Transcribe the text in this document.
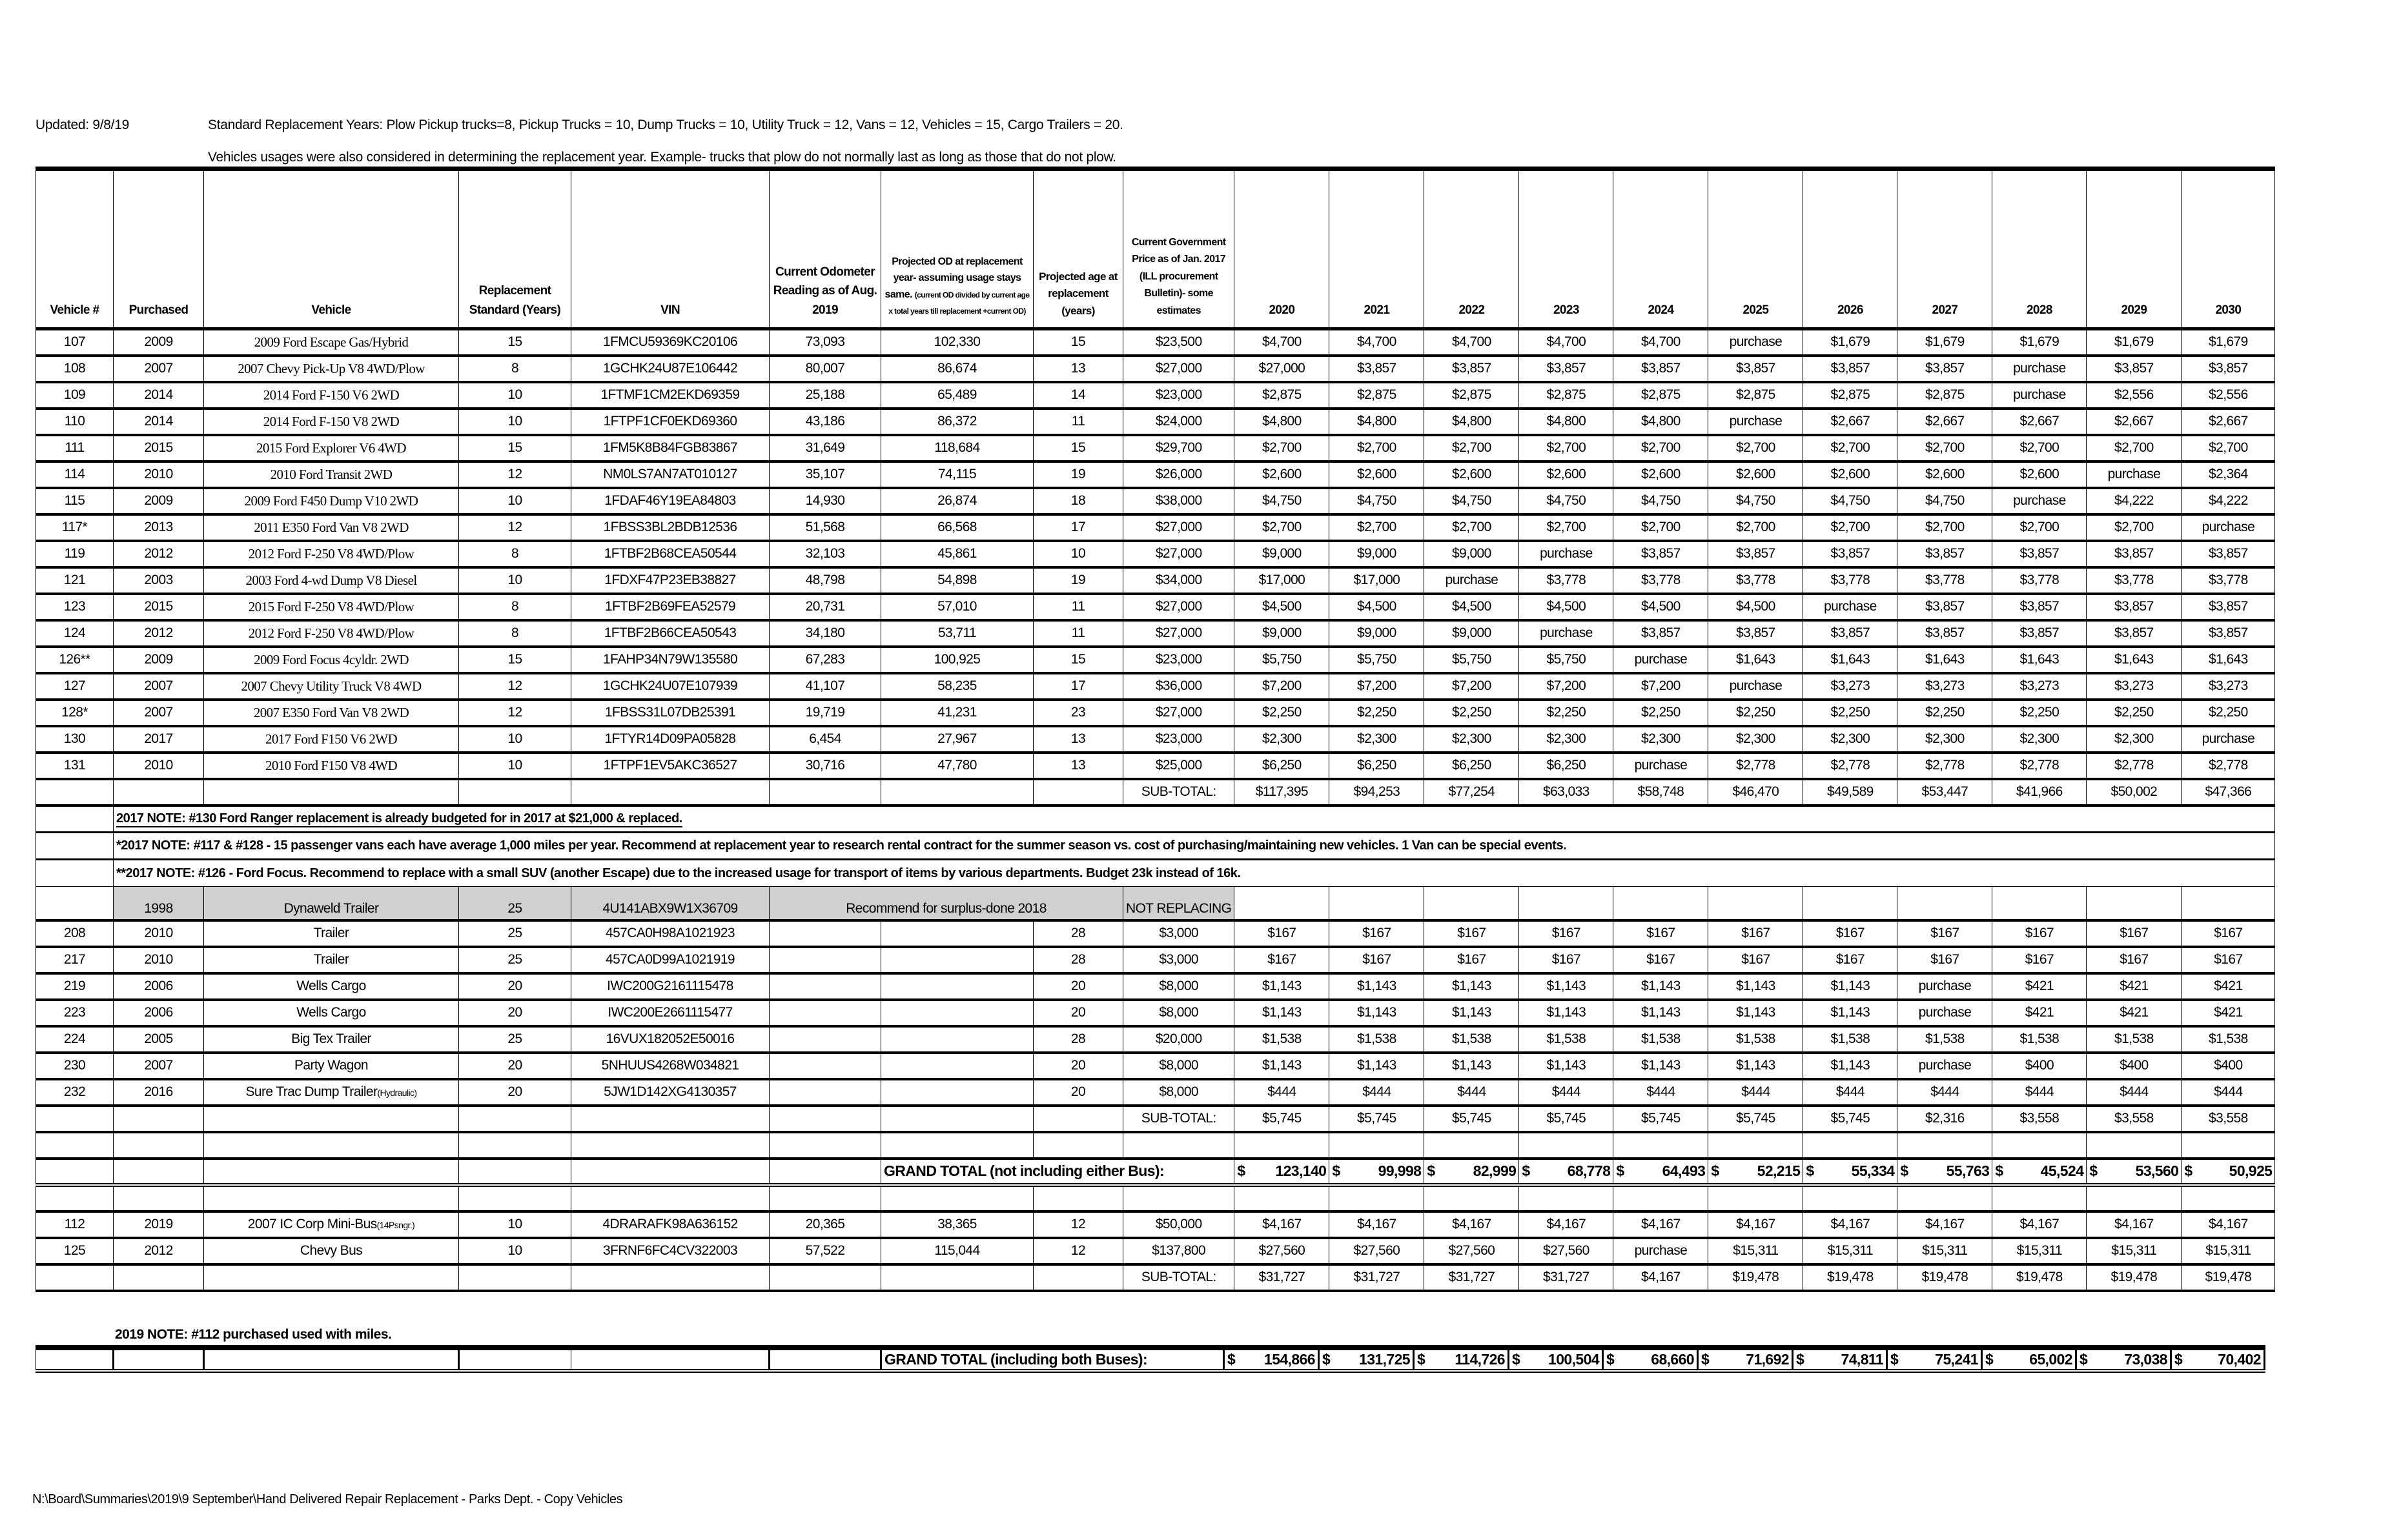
Updated: 9/8/19	Standard Replacement Years: Plow Pickup trucks=8, Pickup Trucks = 10, Dump Trucks = 10, Utility Truck = 12, Vans = 12, Vehicles = 15, Cargo Trailers = 20.
Vehicles usages were also considered in determining the replacement year. Example- trucks that plow do not normally last as long as those that do not plow.
Vehicle #	Purchased	Vehicle	Replacement Standard (Years)	VIN	Current Odometer Reading as of Aug. 2019	Projected OD at replacement year- assuming usage stays same. (current OD divided by current age x total years till replacement +current OD)	Projected age at replacement (years)	Current Government Price as of Jan. 2017 (ILL procurement Bulletin)- some estimates	2020	2021	2022	2023	2024	2025	2026	2027	2028	2029	2030
107	2009	2009 Ford Escape Gas/Hybrid	15	1FMCU59369KC20106	73,093	102,330	15	$23,500	$4,700	$4,700	$4,700	$4,700	$4,700	purchase	$1,679	$1,679	$1,679	$1,679	$1,679
108	2007	2007 Chevy Pick-Up V8 4WD/Plow	8	1GCHK24U87E106442	80,007	86,674	13	$27,000	$27,000	$3,857	$3,857	$3,857	$3,857	$3,857	$3,857	$3,857	purchase	$3,857	$3,857
109	2014	2014 Ford F-150 V6 2WD	10	1FTMF1CM2EKD69359	25,188	65,489	14	$23,000	$2,875	$2,875	$2,875	$2,875	$2,875	$2,875	$2,875	$2,875	purchase	$2,556	$2,556
110	2014	2014 Ford F-150 V8 2WD	10	1FTPF1CF0EKD69360	43,186	86,372	11	$24,000	$4,800	$4,800	$4,800	$4,800	$4,800	purchase	$2,667	$2,667	$2,667	$2,667	$2,667
111	2015	2015 Ford Explorer V6 4WD	15	1FM5K8B84FGB83867	31,649	118,684	15	$29,700	$2,700	$2,700	$2,700	$2,700	$2,700	$2,700	$2,700	$2,700	$2,700	$2,700	$2,700
114	2010	2010 Ford Transit 2WD	12	NM0LS7AN7AT010127	35,107	74,115	19	$26,000	$2,600	$2,600	$2,600	$2,600	$2,600	$2,600	$2,600	$2,600	$2,600	purchase	$2,364
115	2009	2009 Ford F450 Dump V10 2WD	10	1FDAF46Y19EA84803	14,930	26,874	18	$38,000	$4,750	$4,750	$4,750	$4,750	$4,750	$4,750	$4,750	$4,750	purchase	$4,222	$4,222
117*	2013	2011 E350 Ford Van V8 2WD	12	1FBSS3BL2BDB12536	51,568	66,568	17	$27,000	$2,700	$2,700	$2,700	$2,700	$2,700	$2,700	$2,700	$2,700	$2,700	$2,700	purchase
119	2012	2012 Ford F-250 V8 4WD/Plow	8	1FTBF2B68CEA50544	32,103	45,861	10	$27,000	$9,000	$9,000	$9,000	purchase	$3,857	$3,857	$3,857	$3,857	$3,857	$3,857	$3,857
121	2003	2003 Ford 4-wd Dump V8 Diesel	10	1FDXF47P23EB38827	48,798	54,898	19	$34,000	$17,000	$17,000	purchase	$3,778	$3,778	$3,778	$3,778	$3,778	$3,778	$3,778	$3,778
123	2015	2015 Ford F-250 V8 4WD/Plow	8	1FTBF2B69FEA52579	20,731	57,010	11	$27,000	$4,500	$4,500	$4,500	$4,500	$4,500	$4,500	purchase	$3,857	$3,857	$3,857	$3,857
124	2012	2012 Ford F-250 V8 4WD/Plow	8	1FTBF2B66CEA50543	34,180	53,711	11	$27,000	$9,000	$9,000	$9,000	purchase	$3,857	$3,857	$3,857	$3,857	$3,857	$3,857	$3,857
126**	2009	2009 Ford Focus 4cyldr. 2WD	15	1FAHP34N79W135580	67,283	100,925	15	$23,000	$5,750	$5,750	$5,750	$5,750	purchase	$1,643	$1,643	$1,643	$1,643	$1,643	$1,643
127	2007	2007 Chevy Utility Truck V8 4WD	12	1GCHK24U07E107939	41,107	58,235	17	$36,000	$7,200	$7,200	$7,200	$7,200	$7,200	purchase	$3,273	$3,273	$3,273	$3,273	$3,273
128*	2007	2007 E350 Ford Van V8 2WD	12	1FBSS31L07DB25391	19,719	41,231	23	$27,000	$2,250	$2,250	$2,250	$2,250	$2,250	$2,250	$2,250	$2,250	$2,250	$2,250	$2,250
130	2017	2017 Ford F150 V6 2WD	10	1FTYR14D09PA05828	6,454	27,967	13	$23,000	$2,300	$2,300	$2,300	$2,300	$2,300	$2,300	$2,300	$2,300	$2,300	$2,300	purchase
131	2010	2010 Ford F150 V8 4WD	10	1FTPF1EV5AKC36527	30,716	47,780	13	$25,000	$6,250	$6,250	$6,250	$6,250	purchase	$2,778	$2,778	$2,778	$2,778	$2,778	$2,778
								SUB-TOTAL:	$117,395	$94,253	$77,254	$63,033	$58,748	$46,470	$49,589	$53,447	$41,966	$50,002	$47,366
	2017 NOTE: #130 Ford Ranger replacement is already budgeted for in 2017 at $21,000 & replaced.																		
	*2017 NOTE: #117 & #128 - 15 passenger vans each have average 1,000 miles per year. Recommend at replacement year to research rental contract for the summer season vs. cost of purchasing/maintaining new vehicles. 1 Van can be special events.																		
	**2017 NOTE: #126 - Ford Focus. Recommend to replace with a small SUV (another Escape) due to the increased usage for transport of items by various departments. Budget 23k instead of 16k.																		
	1998	Dynaweld Trailer	25	4U141ABX9W1X36709	Recommend for surplus-done 2018			NOT REPLACING											
208	2010	Trailer	25	457CA0H98A1021923			28	$3,000	$167	$167	$167	$167	$167	$167	$167	$167	$167	$167	$167
217	2010	Trailer	25	457CA0D99A1021919			28	$3,000	$167	$167	$167	$167	$167	$167	$167	$167	$167	$167	$167
219	2006	Wells Cargo	20	IWC200G2161115478			20	$8,000	$1,143	$1,143	$1,143	$1,143	$1,143	$1,143	$1,143	purchase	$421	$421	$421
223	2006	Wells Cargo	20	IWC200E2661115477			20	$8,000	$1,143	$1,143	$1,143	$1,143	$1,143	$1,143	$1,143	purchase	$421	$421	$421
224	2005	Big Tex Trailer	25	16VUX182052E50016			28	$20,000	$1,538	$1,538	$1,538	$1,538	$1,538	$1,538	$1,538	$1,538	$1,538	$1,538	$1,538
230	2007	Party Wagon	20	5NHUUS4268W034821			20	$8,000	$1,143	$1,143	$1,143	$1,143	$1,143	$1,143	$1,143	purchase	$400	$400	$400
232	2016	Sure Trac Dump Trailer(Hydraulic)	20	5JW1D142XG4130357			20	$8,000	$444	$444	$444	$444	$444	$444	$444	$444	$444	$444	$444
								SUB-TOTAL:	$5,745	$5,745	$5,745	$5,745	$5,745	$5,745	$5,745	$2,316	$3,558	$3,558	$3,558

						GRAND TOTAL (not including either Bus):			$ 123,140	$ 99,998	$ 82,999	$ 68,778	$ 64,493	$ 52,215	$ 55,334	$ 55,763	$ 45,524	$ 53,560	$ 50,925

112	2019	2007 IC Corp Mini-Bus(14Psngr.)	10	4DRARAFK98A636152	20,365	38,365	12	$50,000	$4,167	$4,167	$4,167	$4,167	$4,167	$4,167	$4,167	$4,167	$4,167	$4,167	$4,167
125	2012	Chevy Bus	10	3FRNF6FC4CV322003	57,522	115,044	12	$137,800	$27,560	$27,560	$27,560	$27,560	purchase	$15,311	$15,311	$15,311	$15,311	$15,311	$15,311
								SUB-TOTAL:	$31,727	$31,727	$31,727	$31,727	$4,167	$19,478	$19,478	$19,478	$19,478	$19,478	$19,478
2019 NOTE: #112 purchased used with miles.
						GRAND TOTAL (including both Buses):	$ 154,866	$ 131,725	$ 114,726	$ 100,504	$ 68,660	$ 71,692	$ 74,811	$ 75,241	$ 65,002	$ 73,038	$ 70,402
N:\Board\Summaries\2019\9 September\Hand Delivered Repair Replacement - Parks Dept. - Copy Vehicles
